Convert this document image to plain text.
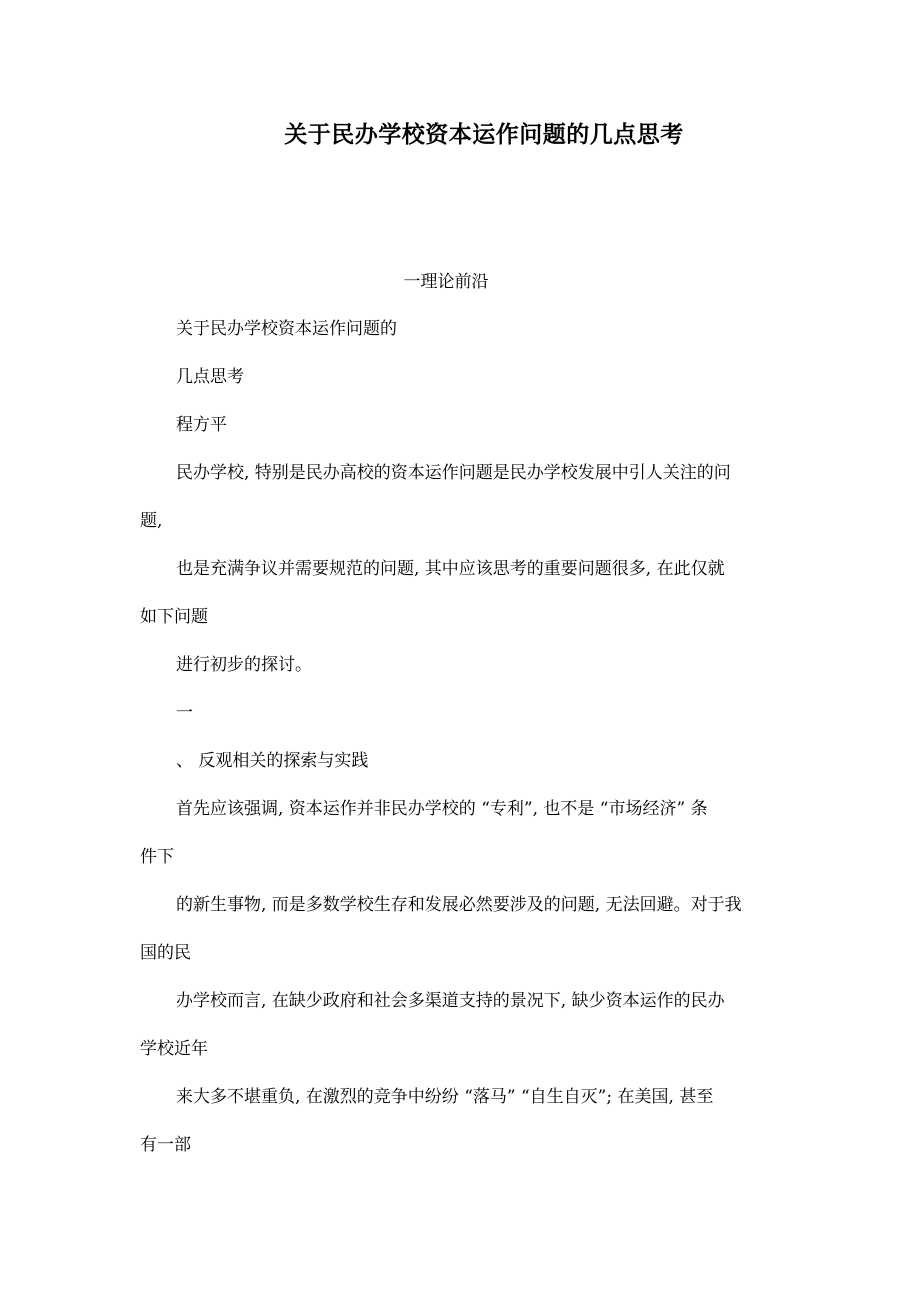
关于民办学校资本运作问题的几点思考

一理论前沿

关于民办学校资本运作问题的

几点思考

程方平

民办学校, 特别是民办高校的资本运作问题是民办学校发展中引人关注的问

题,

也是充满争议并需要规范的问题, 其中应该思考的重要问题很多, 在此仅就

如下问题

进行初步的探讨。

一

、 反观相关的探索与实践

首先应该强调, 资本运作并非民办学校的 “专利”, 也不是 “市场经济” 条

件下

的新生事物, 而是多数学校生存和发展必然要涉及的问题, 无法回避。对于我

国的民

办学校而言, 在缺少政府和社会多渠道支持的景况下, 缺少资本运作的民办

学校近年

来大多不堪重负, 在激烈的竞争中纷纷 “落马” “自生自灭”; 在美国, 甚至

有一部
